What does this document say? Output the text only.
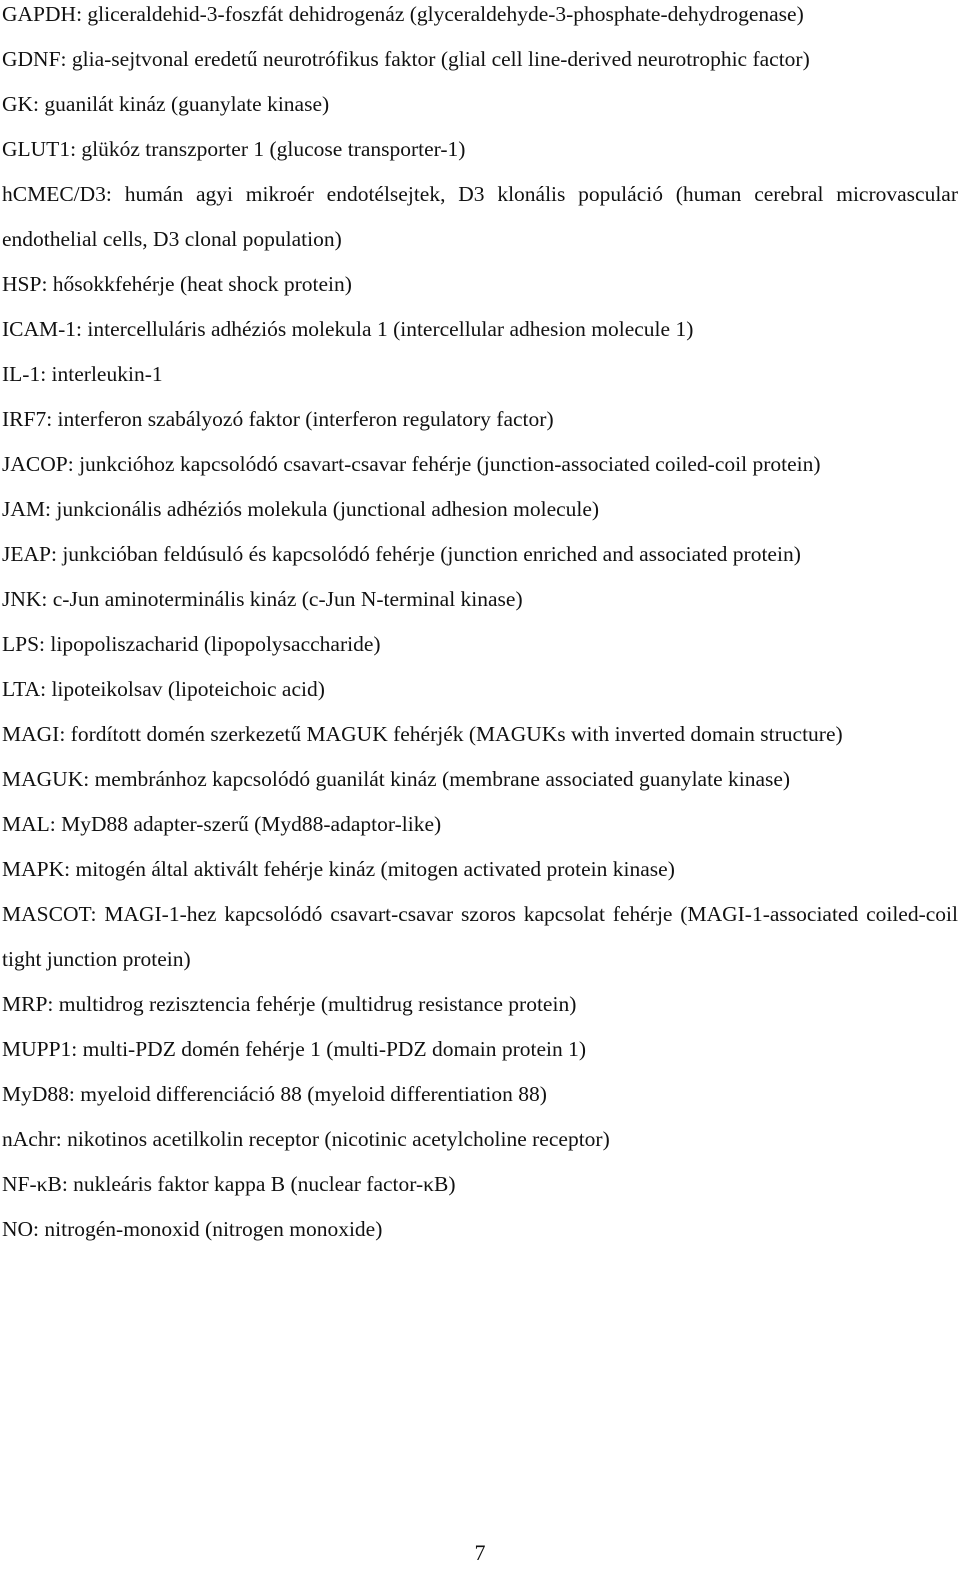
GAPDH: gliceraldehid-3-foszfát dehidrogenáz (glyceraldehyde-3-phosphate-dehydrogenase)

GDNF: glia-sejtvonal eredetű neurotrófikus faktor (glial cell line-derived neurotrophic factor)

GK: guanilát kináz (guanylate kinase)

GLUT1: glükóz transzporter 1 (glucose transporter-1)

hCMEC/D3: humán agyi mikroér endotélsejtek, D3 klonális populáció (human cerebral microvascular endothelial cells, D3 clonal population)

HSP: hősokkfehérje (heat shock protein)

ICAM-1: intercelluláris adhéziós molekula 1 (intercellular adhesion molecule 1)

IL-1: interleukin-1

IRF7: interferon szabályozó faktor (interferon regulatory factor)

JACOP: junkcióhoz kapcsolódó csavart-csavar fehérje (junction-associated coiled-coil protein)

JAM: junkcionális adhéziós molekula (junctional adhesion molecule)

JEAP: junkcióban feldúsuló és kapcsolódó fehérje (junction enriched and associated protein)

JNK: c-Jun aminoterminális kináz (c-Jun N-terminal kinase)

LPS: lipopoliszacharid (lipopolysaccharide)

LTA: lipoteikolsav (lipoteichoic acid)

MAGI: fordított domén szerkezetű MAGUK fehérjék (MAGUKs with inverted domain structure)

MAGUK: membránhoz kapcsolódó guanilát kináz (membrane associated guanylate kinase)

MAL: MyD88 adapter-szerű (Myd88-adaptor-like)

MAPK: mitogén által aktivált fehérje kináz (mitogen activated protein kinase)

MASCOT: MAGI-1-hez kapcsolódó csavart-csavar szoros kapcsolat fehérje (MAGI-1-associated coiled-coil tight junction protein)

MRP: multidrog rezisztencia fehérje (multidrug resistance protein)

MUPP1: multi-PDZ domén fehérje 1 (multi-PDZ domain protein 1)

MyD88: myeloid differenciáció 88 (myeloid differentiation 88)

nAchr: nikotinos acetilkolin receptor (nicotinic acetylcholine receptor)

NF-κB: nukleáris faktor kappa B (nuclear factor-κB)

NO: nitrogén-monoxid (nitrogen monoxide)

7
